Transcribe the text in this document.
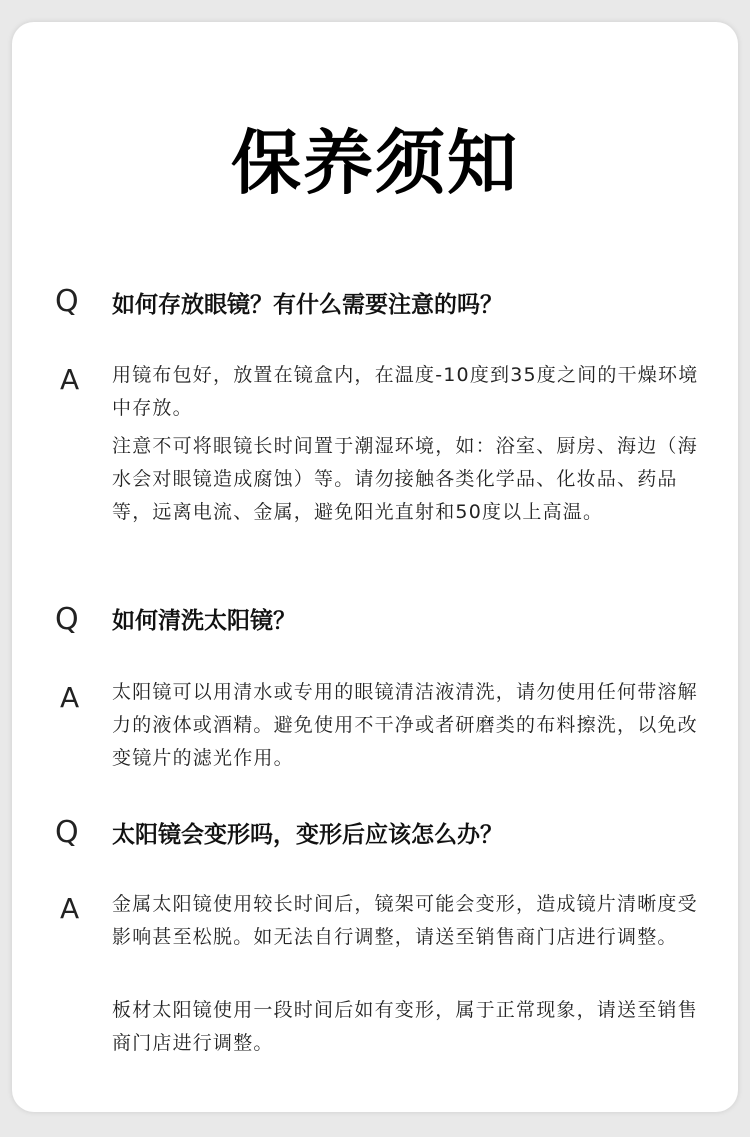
保养须知
Q 如何存放眼镜？有什么需要注意的吗？
A 用镜布包好，放置在镜盒内，在温度-10度到35度之间的干燥环境中存放。
注意不可将眼镜长时间置于潮湿环境，如：浴室、厨房、海边（海水会对眼镜造成腐蚀）等。请勿接触各类化学品、化妆品、药品等，远离电流、金属，避免阳光直射和50度以上高温。
Q 如何清洗太阳镜？
A 太阳镜可以用清水或专用的眼镜清洁液清洗，请勿使用任何带溶解力的液体或酒精。避免使用不干净或者研磨类的布料擦洗，以免改变镜片的滤光作用。
Q 太阳镜会变形吗，变形后应该怎么办？
A 金属太阳镜使用较长时间后，镜架可能会变形，造成镜片清晰度受影响甚至松脱。如无法自行调整，请送至销售商门店进行调整。
板材太阳镜使用一段时间后如有变形，属于正常现象，请送至销售商门店进行调整。
